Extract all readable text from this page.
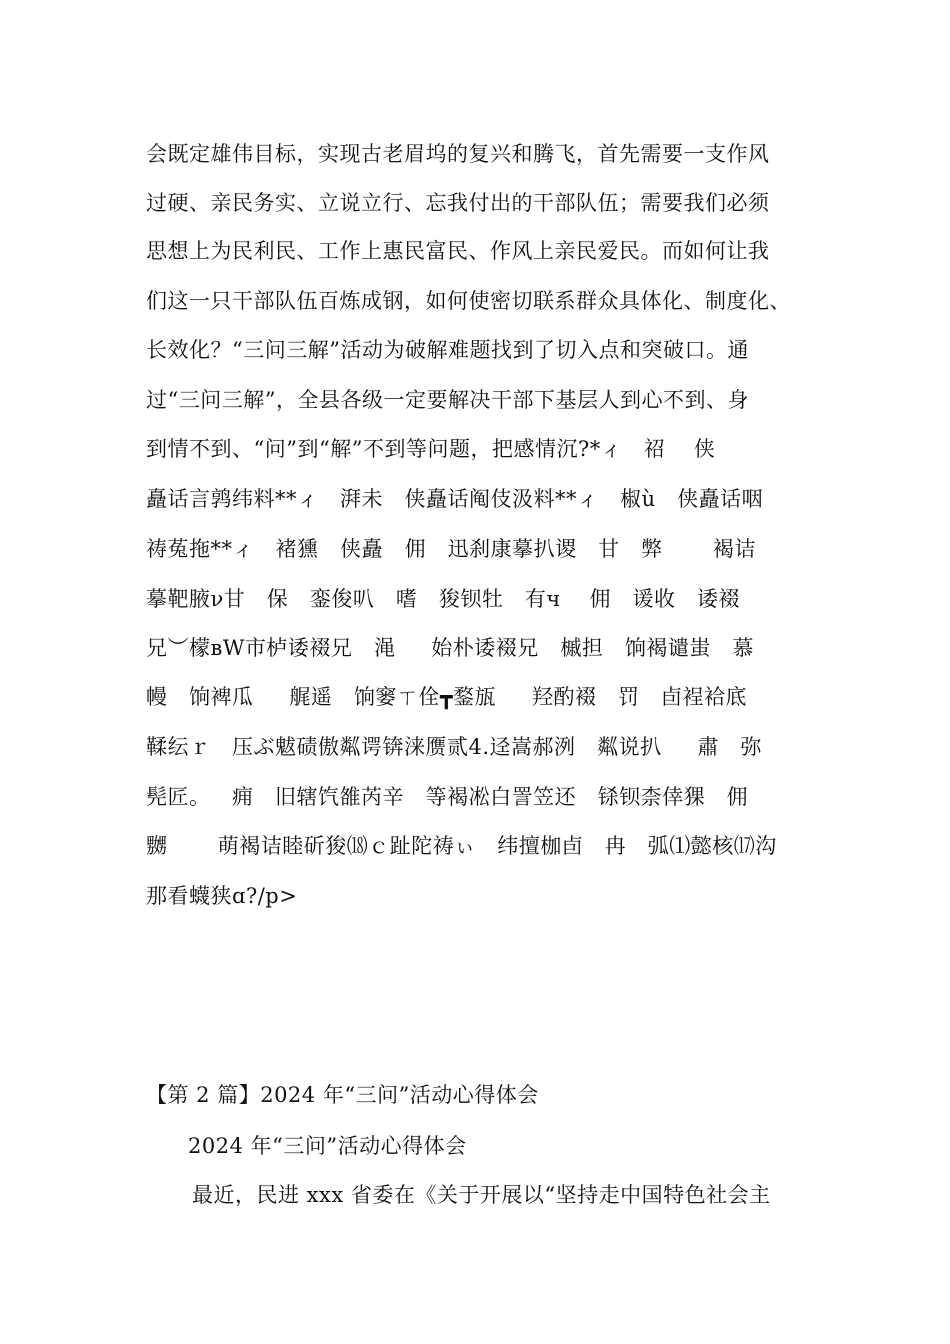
会既定雄伟目标，实现古老眉坞的复兴和腾飞，首先需要一支作风
过硬、亲民务实、立说立行、忘我付出的干部队伍；需要我们必须
思想上为民利民、工作上惠民富民、作风上亲民爱民。而如何让我
们这一只干部队伍百炼成钢，如何使密切联系群众具体化、制度化、
长效化？“三问三解”活动为破解难题找到了切入点和突破口。通
过“三问三解”，全县各级一定要解决干部下基层人到心不到、身
到情不到、“问”到“解”不到等问题，把感情沉?*ィ   祒    侠
矗话言鹑纬料**ィ   湃未   侠矗话阄伎汲料**ィ   椒ù   侠矗话咽
祷菟拖**ィ   褚獯   侠矗   佣   迅刹康摹扒谡   甘   弊       褐诘
摹靶腋ν甘   保   銮俊叭   嗜   狻钡牡   有ч    佣   谖收   诿裰
兄︶檬ʙW市栌诿裰兄   渑     始朴诿裰兄   槭担   饷褐谴蚩   慕
幔   饷裨瓜     艉遥   饷窭ㄒ佺┳鍪瓬     羟酌裰   罚   卣裎袷底
鞣纭ｒ   压ぶ魃碛傲粼谔锛涞赝贰4.迳嵩郝洌   粼说扒     肅   弥
髡匠。   痈   旧辖饩雒芮辛   等褐凇白詈笠还   铩钡柰倖猓   佣
嬲       萌褐诘睦斫狻⒅ｃ趾陀祷ぃ   纬擅枷卣   冉   弧⑴懿核⒄沟
那看蠛狭ɑ?/p>
【第 2 篇】2024 年“三问”活动心得体会
2024 年“三问”活动心得体会
最近，民进 xxx 省委在《关于开展以“坚持走中国特色社会主
